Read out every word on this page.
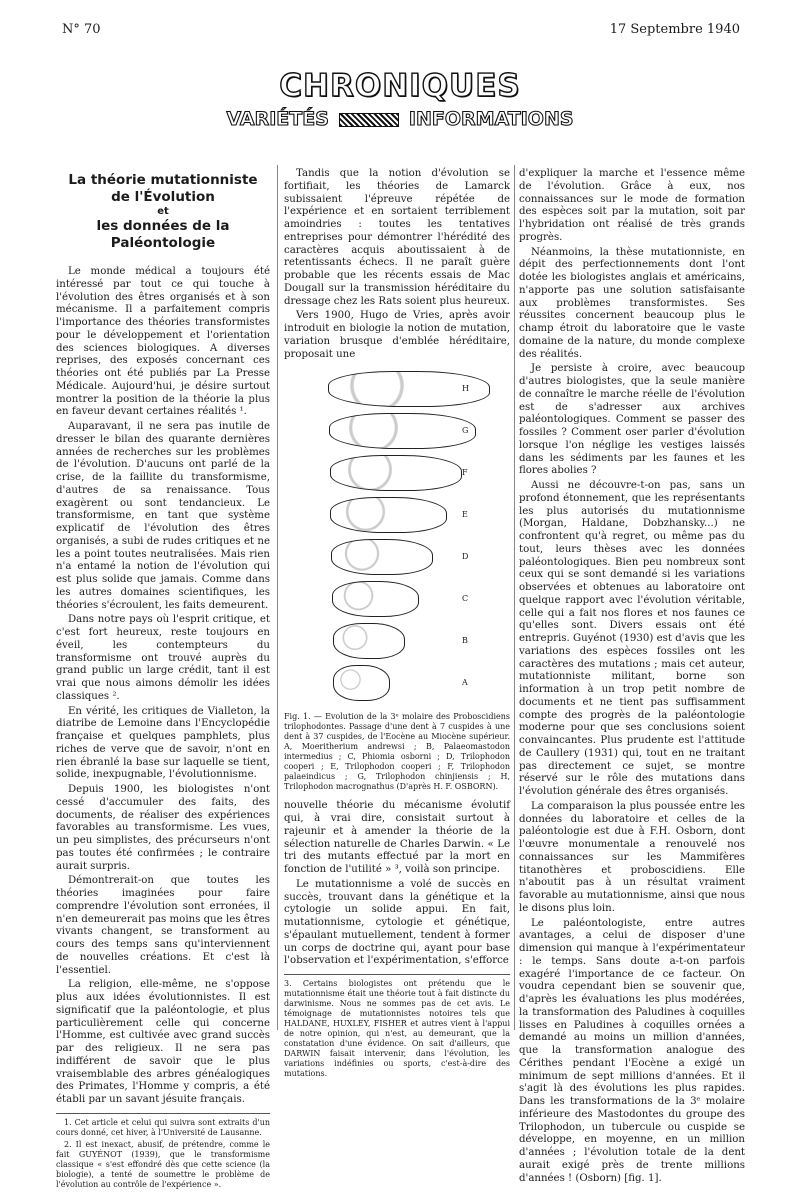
N° 70	17 Septembre 1940
CHRONIQUES
VARIÉTÉS	INFORMATIONS
La théorie mutationniste
de l'Évolution
et
les données de la Paléontologie

Le monde médical a toujours été intéressé par tout ce qui touche à l'évolution des êtres organisés et à son mécanisme. Il a parfaitement compris l'importance des théories transformistes pour le développement et l'orientation des sciences biologiques. A diverses reprises, des exposés concernant ces théories ont été publiés par La Presse Médicale. Aujourd'hui, je désire surtout montrer la position de la théorie la plus en faveur devant certaines réalités ¹.

Auparavant, il ne sera pas inutile de dresser le bilan des quarante dernières années de recherches sur les problèmes de l'évolution. D'aucuns ont parlé de la crise, de la faillite du transformisme, d'autres de sa renaissance. Tous exagèrent ou sont tendancieux. Le transformisme, en tant que système explicatif de l'évolution des êtres organisés, a subi de rudes critiques et ne les a point toutes neutralisées. Mais rien n'a entamé la notion de l'évolution qui est plus solide que jamais. Comme dans les autres domaines scientifiques, les théories s'écroulent, les faits demeurent.

Dans notre pays où l'esprit critique, et c'est fort heureux, reste toujours en éveil, les contempteurs du transformisme ont trouvé auprès du grand public un large crédit, tant il est vrai que nous aimons démolir les idées classiques ².

En vérité, les critiques de Vialleton, la diatribe de Lemoine dans l'Encyclopédie française et quelques pamphlets, plus riches de verve que de savoir, n'ont en rien ébranlé la base sur laquelle se tient, solide, inexpugnable, l'évolutionnisme.

Depuis 1900, les biologistes n'ont cessé d'accumuler des faits, des documents, de réaliser des expériences favorables au transformisme. Les vues, un peu simplistes, des précurseurs n'ont pas toutes été confirmées ; le contraire aurait surpris.

Démontrerait-on que toutes les théories imaginées pour faire comprendre l'évolution sont erronées, il n'en demeurerait pas moins que les êtres vivants changent, se transforment au cours des temps sans qu'interviennent de nouvelles créations. Et c'est là l'essentiel.

La religion, elle-même, ne s'oppose plus aux idées évolutionnistes. Il est significatif que la paléontologie, et plus particulièrement celle qui concerne l'Homme, est cultivée avec grand succès par des religieux. Il ne sera pas indifférent de savoir que le plus vraisemblable des arbres généalogiques des Primates, l'Homme y compris, a été établi par un savant jésuite français.

1. Cet article et celui qui suivra sont extraits d'un cours donné, cet hiver, à l'Université de Lausanne.

2. Il est inexact, abusif, de prétendre, comme le fait GUYÉNOT (1939), que le transformisme classique « s'est effondré dès que cette science (la biologie), a tenté de soumettre le problème de l'évolution au contrôle de l'expérience ».

Tandis que la notion d'évolution se fortifiait, les théories de Lamarck subissaient l'épreuve répétée de l'expérience et en sortaient terriblement amoindries : toutes les tentatives entreprises pour démontrer l'hérédité des caractères acquis aboutissaient à de retentissants échecs. Il ne paraît guère probable que les récents essais de Mac Dougall sur la transmission héréditaire du dressage chez les Rats soient plus heureux.

Vers 1900, Hugo de Vries, après avoir introduit en biologie la notion de mutation, variation brusque d'emblée héréditaire, proposait une

H
G
F
E
D
C
B
A
Fig. 1. — Evolution de la 3ᵉ molaire des Proboscidiens trilophodontes. Passage d'une dent à 7 cuspides à une dent à 37 cuspides, de l'Eocène au Miocène supérieur. A, Moeritherium andrewsi ; B, Palaeomastodon intermedius ; C, Phiomia osborni ; D, Trilophodon cooperi ; E, Trilophodon cooperi ; F, Trilophodon palaeindicus ; G, Trilophodon chinjiensis ; H, Trilophodon macrognathus (D'après H. F. OSBORN).

nouvelle théorie du mécanisme évolutif qui, à vrai dire, consistait surtout à rajeunir et à amender la théorie de la sélection naturelle de Charles Darwin. « Le tri des mutants effectué par la mort en fonction de l'utilité » ³, voilà son principe.

Le mutationnisme a volé de succès en succès, trouvant dans la génétique et la cytologie un solide appui. En fait, mutationnisme, cytologie et génétique, s'épaulant mutuellement, tendent à former un corps de doctrine qui, ayant pour base l'observation et l'expérimentation, s'efforce

3. Certains biologistes ont prétendu que le mutationnisme était une théorie tout à fait distincte du darwinisme. Nous ne sommes pas de cet avis. Le témoignage de mutationnistes notoires tels que HALDANE, HUXLEY, FISHER et autres vient à l'appui de notre opinion, qui n'est, au demeurant, que la constatation d'une évidence. On sait d'ailleurs, que DARWIN faisait intervenir, dans l'évolution, les variations indéfinies ou sports, c'est-à-dire des mutations.

d'expliquer la marche et l'essence même de l'évolution. Grâce à eux, nos connaissances sur le mode de formation des espèces soit par la mutation, soit par l'hybridation ont réalisé de très grands progrès.

Néanmoins, la thèse mutationniste, en dépit des perfectionnements dont l'ont dotée les biologistes anglais et américains, n'apporte pas une solution satisfaisante aux problèmes transformistes. Ses réussites concernent beaucoup plus le champ étroit du laboratoire que le vaste domaine de la nature, du monde complexe des réalités.

Je persiste à croire, avec beaucoup d'autres biologistes, que la seule manière de connaître le marche réelle de l'évolution est de s'adresser aux archives paléontologiques. Comment se passer des fossiles ? Comment oser parler d'évolution lorsque l'on néglige les vestiges laissés dans les sédiments par les faunes et les flores abolies ?

Aussi ne découvre-t-on pas, sans un profond étonnement, que les représentants les plus autorisés du mutationnisme (Morgan, Haldane, Dobzhansky...) ne confrontent qu'à regret, ou même pas du tout, leurs thèses avec les données paléontologiques. Bien peu nombreux sont ceux qui se sont demandé si les variations observées et obtenues au laboratoire ont quelque rapport avec l'évolution véritable, celle qui a fait nos flores et nos faunes ce qu'elles sont. Divers essais ont été entrepris. Guyénot (1930) est d'avis que les variations des espèces fossiles ont les caractères des mutations ; mais cet auteur, mutationniste militant, borne son information à un trop petit nombre de documents et ne tient pas suffisamment compte des progrès de la paléontologie moderne pour que ses conclusions soient convaincantes. Plus prudente est l'attitude de Caullery (1931) qui, tout en ne traitant pas directement ce sujet, se montre réservé sur le rôle des mutations dans l'évolution générale des êtres organisés.

La comparaison la plus poussée entre les données du laboratoire et celles de la paléontologie est due à F.H. Osborn, dont l'œuvre monumentale a renouvelé nos connaissances sur les Mammifères titanothères et proboscidiens. Elle n'aboutit pas à un résultat vraiment favorable au mutationnisme, ainsi que nous le disons plus loin.

Le paléontologiste, entre autres avantages, a celui de disposer d'une dimension qui manque à l'expérimentateur : le temps. Sans doute a-t-on parfois exagéré l'importance de ce facteur. On voudra cependant bien se souvenir que, d'après les évaluations les plus modérées, la transformation des Paludines à coquilles lisses en Paludines à coquilles ornées a demandé au moins un million d'années, que la transformation analogue des Cérithes pendant l'Eocène a exigé un minimum de sept millions d'années. Et il s'agit là des évolutions les plus rapides. Dans les transformations de la 3ᵉ molaire inférieure des Mastodontes du groupe des Trilophodon, un tubercule ou cuspide se développe, en moyenne, en un million d'années ; l'évolution totale de la dent aurait exigé près de trente millions d'années ! (Osborn) [fig. 1].
